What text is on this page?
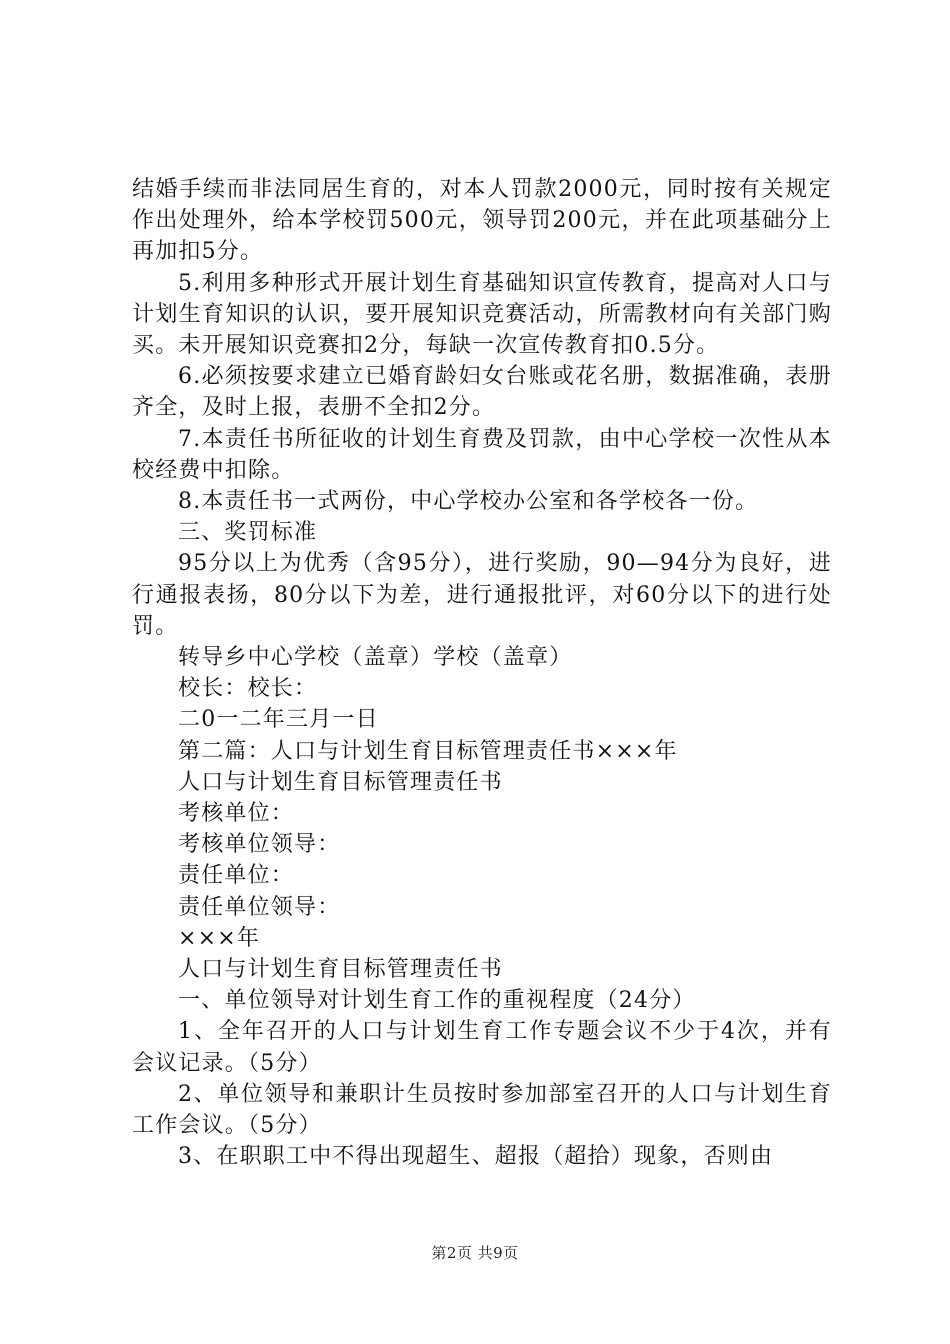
结婚手续而非法同居生育的，对本人罚款2000元，同时按有关规定作出处理外，给本学校罚500元，领导罚200元，并在此项基础分上再加扣5分。

5.利用多种形式开展计划生育基础知识宣传教育，提高对人口与计划生育知识的认识，要开展知识竞赛活动，所需教材向有关部门购买。未开展知识竞赛扣2分，每缺一次宣传教育扣0.5分。

6.必须按要求建立已婚育龄妇女台账或花名册，数据准确，表册齐全，及时上报，表册不全扣2分。

7.本责任书所征收的计划生育费及罚款，由中心学校一次性从本校经费中扣除。

8.本责任书一式两份，中心学校办公室和各学校各一份。

三、奖罚标准

95分以上为优秀（含95分），进行奖励，90—94分为良好，进行通报表扬，80分以下为差，进行通报批评，对60分以下的进行处罚。

转导乡中心学校（盖章）学校（盖章）

校长：校长：

二0一二年三月一日

第二篇：人口与计划生育目标管理责任书×××年

人口与计划生育目标管理责任书

考核单位：

考核单位领导：

责任单位：

责任单位领导：

×××年

人口与计划生育目标管理责任书

一、单位领导对计划生育工作的重视程度（24分）

1、全年召开的人口与计划生育工作专题会议不少于4次，并有会议记录。（5分）

2、单位领导和兼职计生员按时参加部室召开的人口与计划生育工作会议。（5分）

3、在职职工中不得出现超生、超报（超拾）现象，否则由

第2页 共9页
